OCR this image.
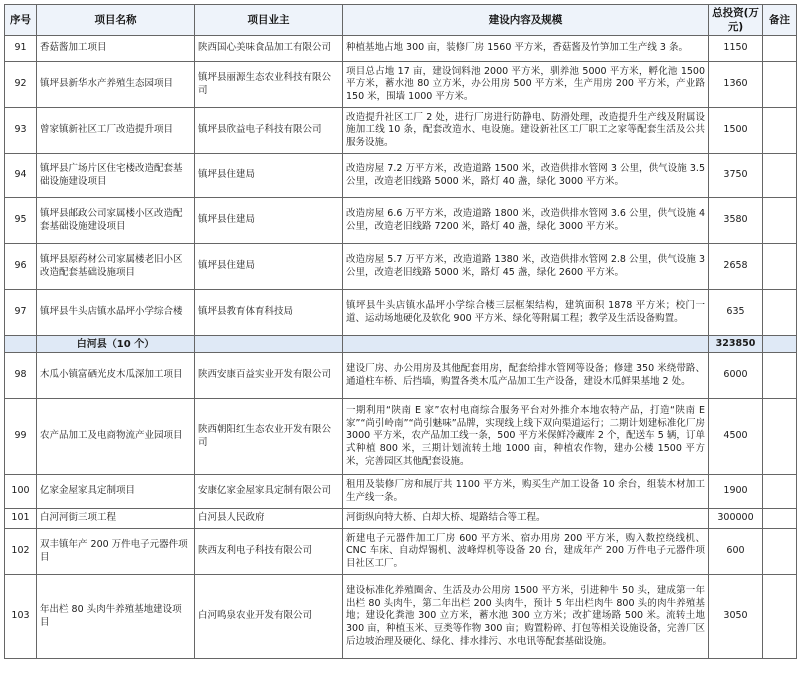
序号	项目名称	项目业主	建设内容及规模	总投资(万元)	备注
91	香菇酱加工项目	陕西国心美味食品加工有限公司	种植基地占地 300 亩，装修厂房 1560 平方米，香菇酱及竹笋加工生产线 3 条。	1150	
92	镇坪县新华水产养殖生态园项目	镇坪县丽源生态农业科技有限公司	项目总占地 17 亩，建设饲料池 2000 平方米，驯养池 5000 平方米，孵化池 1500 平方米，蓄水池 80 立方米，办公用房 500 平方米，生产用房 200 平方米，产业路 150 米，围墙 1000 平方米。	1360	
93	曾家镇新社区工厂改造提升项目	镇坪县欣益电子科技有限公司	改造提升社区工厂 2 处，进行厂房进行防静电、防滑处理，改造提升生产线及附属设施加工线 10 条，配套改造水、电设施。建设新社区工厂职工之家等配套生活及公共服务设施。	1500	
94	镇坪县广场片区住宅楼改造配套基础设施建设项目	镇坪县住建局	改造房屋 7.2 万平方米，改造道路 1500 米，改造供排水管网 3 公里，供气设施 3.5 公里，改造老旧线路 5000 米，路灯 40 盏，绿化 3000 平方米。	3750	
95	镇坪县邮政公司家属楼小区改造配套基础设施建设项目	镇坪县住建局	改造房屋 6.6 万平方米，改造道路 1800 米，改造供排水管网 3.6 公里，供气设施 4 公里，改造老旧线路 7200 米，路灯 40 盏，绿化 3000 平方米。	3580	
96	镇坪县原药材公司家属楼老旧小区改造配套基础设施项目	镇坪县住建局	改造房屋 5.7 万平方米，改造道路 1380 米，改造供排水管网 2.8 公里，供气设施 3 公里，改造老旧线路 5000 米，路灯 45 盏，绿化 2600 平方米。	2658	
97	镇坪县牛头店镇水晶坪小学综合楼	镇坪县教育体育科技局	镇坪县牛头店镇水晶坪小学综合楼三层框架结构，建筑面积 1878 平方米；校门一道、运动场地硬化及软化 900 平方米、绿化等附属工程；教学及生活设备购置。	635	
	白河县（10 个）			323850	
98	木瓜小镇富硒光皮木瓜深加工项目	陕西安康百益实业开发有限公司	建设厂房、办公用房及其他配套用房，配套给排水管网等设备；修建 350 米绕带路、通道柱车桥、后挡墙，购置各类木瓜产品加工生产设备，建设木瓜鲜果基地 2 处。	6000	
99	农产品加工及电商物流产业园项目	陕西朝阳红生态农业开发有限公司	一期利用“陕南 E 家”农村电商综合服务平台对外推介本地农特产品，打造“陕南 E 家”“尚引岭南”“尚引魅味”品牌，实现线上线下双向渠道运行；二期计划建标准化厂房 3000 平方米，农产品加工线一条，500 平方米保鲜冷藏库 2 个，配送车 5 辆，订单式种植 800 米，三期计划流转土地 1000 亩，种植农作物，建办公楼 1500 平方米，完善园区其他配套设施。	4500	
100	亿家金屋家具定制项目	安康亿家金屋家具定制有限公司	租用及装修厂房和展厅共 1100 平方米，购买生产加工设备 10 余台，组装木材加工生产线一条。	1900	
101	白河河街三项工程	白河县人民政府	河街纵向特大桥、白却大桥、堤路结合等工程。	300000	
102	双丰镇年产 200 万件电子元器件项目	陕西友利电子科技有限公司	新建电子元器件加工厂房 600 平方米、宿办用房 200 平方米，购入数控绕线机、CNC 车床、自动焊锡机、波峰焊机等设备 20 台，建成年产 200 万件电子元器件项目社区工厂。	600	
103	年出栏 80 头肉牛养殖基地建设项目	白河鸣泉农业开发有限公司	建设标准化养殖圈舍、生活及办公用房 1500 平方米，引进种牛 50 头，建成第一年出栏 80 头肉牛，第二年出栏 200 头肉牛，预计 5 年出栏肉牛 800 头的肉牛养殖基地；建设化粪池 300 立方米，蓄水池 300 立方米；改扩建场路 500 米。流转土地 300 亩，种植玉米、豆类等作物 300 亩；购置粉碎、打包等相关设施设备，完善厂区后边坡治理及硬化、绿化、排水排污、水电讯等配套基础设施。	3050	
